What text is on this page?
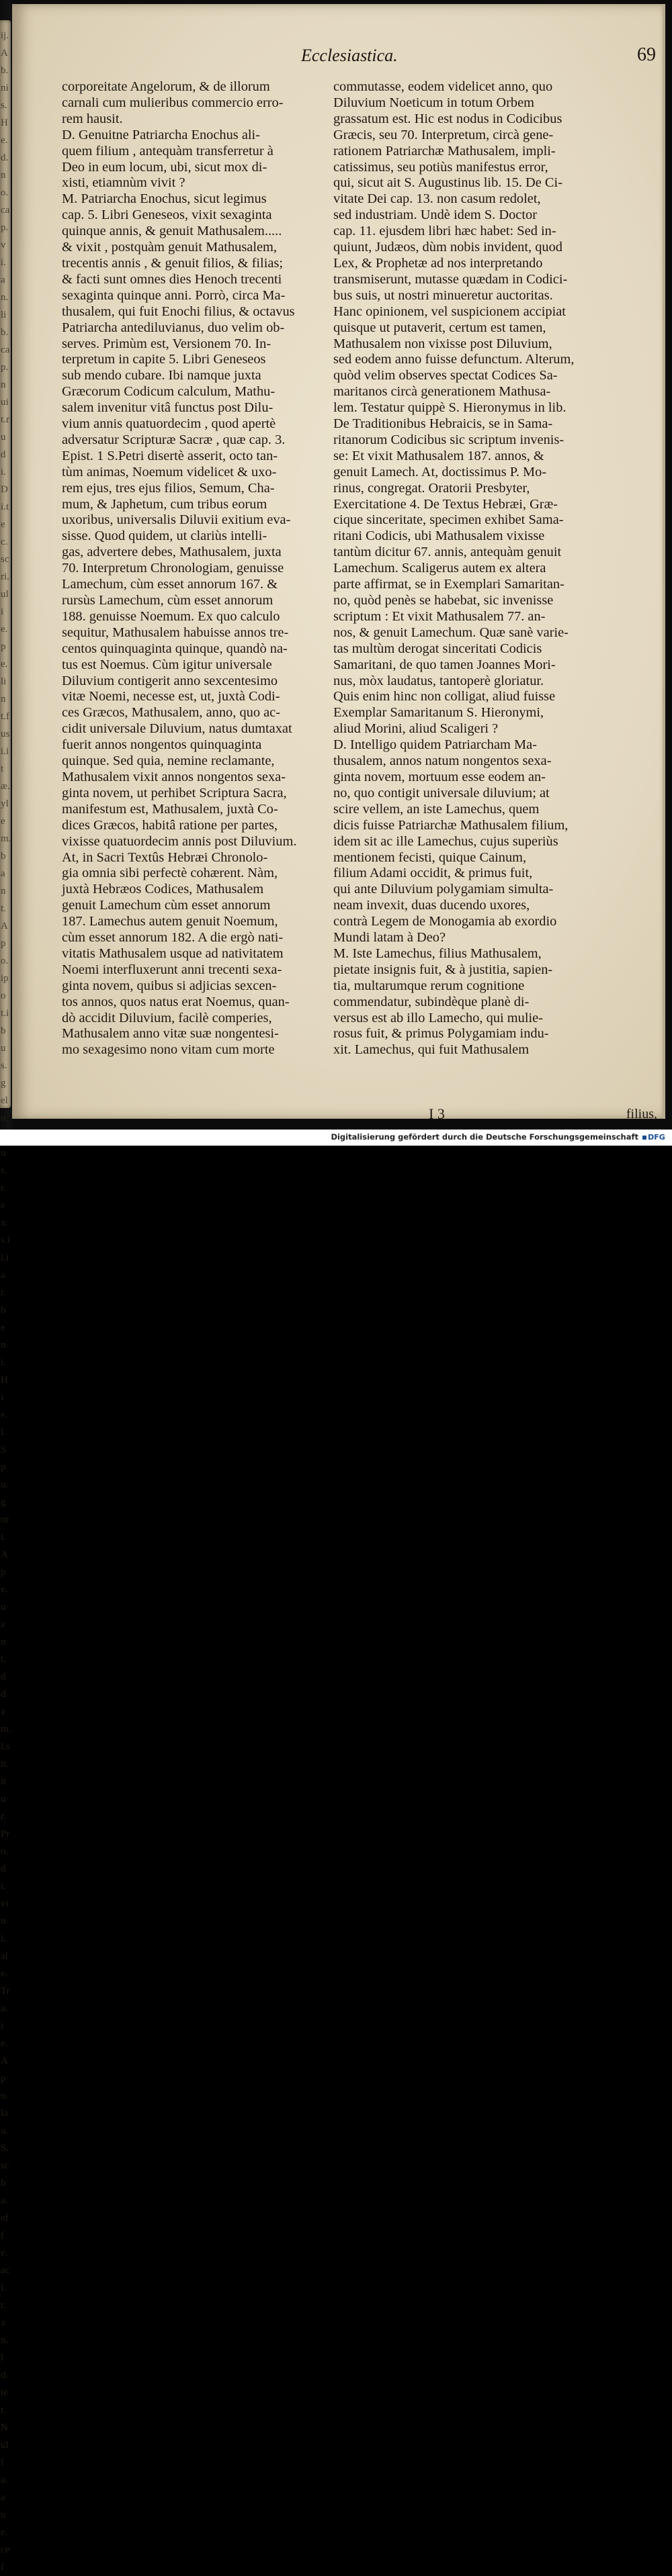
ij.Ab.nis.He.d.no.cap.vi.an.lib.cap.nuit.rudi.Di.tec.scri.ulie.pe.lint.fusi.itæ.ylem.bant.Apo.ipot.ibus.gelo. us.r.ex.s.il.iar.beni.Hie.l.Spu.gori.Ape.uant.ddam.l.sit.itur.Pro.di.vini.ale.Tra.ie.Apo.lau.S.scha.effe.aci.r.an.ld.ter.Nulla.aue.cef
Ecclesiastica.	69
corporeitate Angelorum, & de illorum
carnali cum mulieribus commercio erro-
rem hausit.
D. Genuitne Patriarcha Enochus ali-
quem filium , antequàm transferretur à
Deo in eum locum, ubi, sicut mox di-
xisti, etiamnùm vivit ?
M. Patriarcha Enochus, sicut legimus
cap. 5. Libri Geneseos, vixit sexaginta
quinque annis, & genuit Mathusalem.....
& vixit , postquàm genuit Mathusalem,
trecentis annis , & genuit filios, & filias;
& facti sunt omnes dies Henoch trecenti
sexaginta quinque anni. Porrò, circa Ma-
thusalem, qui fuit Enochi filius, & octavus
Patriarcha antediluvianus, duo velim ob-
serves. Primùm est, Versionem 70. In-
terpretum in capite 5. Libri Geneseos
sub mendo cubare. Ibi namque juxta
Græcorum Codicum calculum, Mathu-
salem invenitur vitâ functus post Dilu-
vium annis quatuordecim , quod apertè
adversatur Scripturæ Sacræ , quæ cap. 3.
Epist. 1 S.Petri disertè asserit, octo tan-
tùm animas, Noemum videlicet & uxo-
rem ejus, tres ejus filios, Semum, Cha-
mum, & Japhetum, cum tribus eorum
uxoribus, universalis Diluvii exitium eva-
sisse. Quod quidem, ut clariùs intelli-
gas, advertere debes, Mathusalem, juxta
70. Interpretum Chronologiam, genuisse
Lamechum, cùm esset annorum 167. &
rursùs Lamechum, cùm esset annorum
188. genuisse Noemum. Ex quo calculo
sequitur, Mathusalem habuisse annos tre-
centos quinquaginta quinque, quandò na-
tus est Noemus. Cùm igitur universale
Diluvium contigerit anno sexcentesimo
vitæ Noemi, necesse est, ut, juxtà Codi-
ces Græcos, Mathusalem, anno, quo ac-
cidit universale Diluvium, natus dumtaxat
fuerit annos nongentos quinquaginta
quinque. Sed quia, nemine reclamante,
Mathusalem vixit annos nongentos sexa-
ginta novem, ut perhibet Scriptura Sacra,
manifestum est, Mathusalem, juxtà Co-
dices Græcos, habitâ ratione per partes,
vixisse quatuordecim annis post Diluvium.
At, in Sacri Textûs Hebræi Chronolo-
gia omnia sibi perfectè cohærent. Nàm,
juxtà Hebræos Codices, Mathusalem
genuit Lamechum cùm esset annorum
187. Lamechus autem genuit Noemum,
cùm esset annorum 182. A die ergò nati-
vitatis Mathusalem usque ad nativitatem
Noemi interfluxerunt anni trecenti sexa-
ginta novem, quibus si adjicias sexcen-
tos annos, quos natus erat Noemus, quan-
dò accidit Diluvium, facilè comperies,
Mathusalem anno vitæ suæ nongentesi-
mo sexagesimo nono vitam cum morte
commutasse, eodem videlicet anno, quo
Diluvium Noeticum in totum Orbem
grassatum est. Hic est nodus in Codicibus
Græcis, seu 70. Interpretum, circà gene-
rationem Patriarchæ Mathusalem, impli-
catissimus, seu potiùs manifestus error,
qui, sicut ait S. Augustinus lib. 15. De Ci-
vitate Dei cap. 13. non casum redolet,
sed industriam. Undè idem S. Doctor
cap. 11. ejusdem libri hæc habet: Sed in-
quiunt, Judæos, dùm nobis invident, quod
Lex, & Prophetæ ad nos interpretando
transmiserunt, mutasse quædam in Codici-
bus suis, ut nostri minueretur auctoritas.
Hanc opinionem, vel suspicionem accipiat
quisque ut putaverit, certum est tamen,
Mathusalem non vixisse post Diluvium,
sed eodem anno fuisse defunctum. Alterum,
quòd velim observes spectat Codices Sa-
maritanos circà generationem Mathusa-
lem. Testatur quippè S. Hieronymus in lib.
De Traditionibus Hebraicis, se in Sama-
ritanorum Codicibus sic scriptum invenis-
se: Et vixit Mathusalem 187. annos, &
genuit Lamech. At, doctissimus P. Mo-
rinus, congregat. Oratorii Presbyter,
Exercitatione 4. De Textus Hebræi, Græ-
cique sinceritate, specimen exhibet Sama-
ritani Codicis, ubi Mathusalem vixisse
tantùm dicitur 67. annis, antequàm genuit
Lamechum. Scaligerus autem ex altera
parte affirmat, se in Exemplari Samaritan-
no, quòd penès se habebat, sic invenisse
scriptum : Et vixit Mathusalem 77. an-
nos, & genuit Lamechum. Quæ sanè varie-
tas multùm derogat sinceritati Codicis
Samaritani, de quo tamen Joannes Mori-
nus, mòx laudatus, tantoperè gloriatur.
Quis enim hinc non colligat, aliud fuisse
Exemplar Samaritanum S. Hieronymi,
aliud Morini, aliud Scaligeri ?
D. Intelligo quidem Patriarcham Ma-
thusalem, annos natum nongentos sexa-
ginta novem, mortuum esse eodem an-
no, quo contigit universale diluvium; at
scire vellem, an iste Lamechus, quem
dicis fuisse Patriarchæ Mathusalem filium,
idem sit ac ille Lamechus, cujus superiùs
mentionem fecisti, quique Cainum,
filium Adami occidit, & primus fuit,
qui ante Diluvium polygamiam simulta-
neam invexit, duas ducendo uxores,
contrà Legem de Monogamia ab exordio
Mundi latam à Deo?
M. Iste Lamechus, filius Mathusalem,
pietate insignis fuit, & à justitia, sapien-
tia, multarumque rerum cognitione
commendatur, subindèque planè di-
versus est ab illo Lamecho, qui mulie-
rosus fuit, & primus Polygamiam indu-
xit. Lamechus, qui fuit Mathusalem
I 3	filius,
Digitalisierung gefördert durch die Deutsche Forschungsgemeinschaft	DFG
